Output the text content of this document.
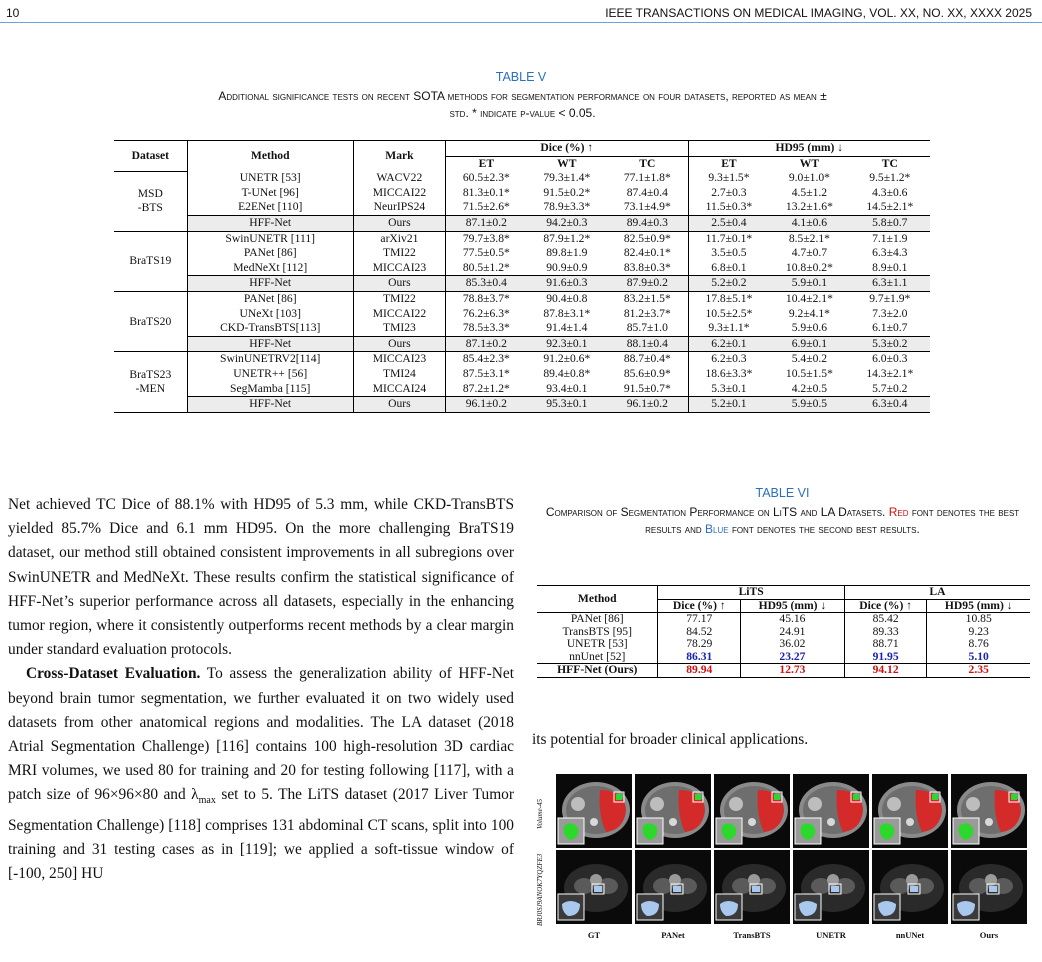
10	IEEE TRANSACTIONS ON MEDICAL IMAGING, VOL. XX, NO. XX, XXXX 2025
TABLE V
Additional significance tests on recent SOTA methods for segmentation performance on four datasets, reported as mean ±
std. * indicate p-value < 0.05.
Dataset	Method	Mark	Dice (%) ↑			HD95 (mm) ↓		
			ET	WT	TC	ET	WT	TC

MSD
-BTS	UNETR [53]	WACV22	60.5±2.3*	79.3±1.4*	77.1±1.8*	9.3±1.5*	9.0±1.0*	9.5±1.2*
	T-UNet [96]	MICCAI22	81.3±0.1*	91.5±0.2*	87.4±0.4	2.7±0.3	4.5±1.2	4.3±0.6
	E2ENet [110]	NeurIPS24	71.5±2.6*	78.9±3.3*	73.1±4.9*	11.5±0.3*	13.2±1.6*	14.5±2.1*
	HFF-Net	Ours	87.1±0.2	94.2±0.3	89.4±0.3	2.5±0.4	4.1±0.6	5.8±0.7

BraTS19	SwinUNETR [111]	arXiv21	79.7±3.8*	87.9±1.2*	82.5±0.9*	11.7±0.1*	8.5±2.1*	7.1±1.9
	PANet [86]	TMI22	77.5±0.5*	89.8±1.9	82.4±0.1*	3.5±0.5	4.7±0.7	6.3±4.3
	MedNeXt [112]	MICCAI23	80.5±1.2*	90.9±0.9	83.8±0.3*	6.8±0.1	10.8±0.2*	8.9±0.1
	HFF-Net	Ours	85.3±0.4	91.6±0.3	87.9±0.2	5.2±0.2	5.9±0.1	6.3±1.1

BraTS20	PANet [86]	TMI22	78.8±3.7*	90.4±0.8	83.2±1.5*	17.8±5.1*	10.4±2.1*	9.7±1.9*
	UNeXt [103]	MICCAI22	76.2±6.3*	87.8±3.1*	81.2±3.7*	10.5±2.5*	9.2±4.1*	7.3±2.0
	CKD-TransBTS[113]	TMI23	78.5±3.3*	91.4±1.4	85.7±1.0	9.3±1.1*	5.9±0.6	6.1±0.7
	HFF-Net	Ours	87.1±0.2	92.3±0.1	88.1±0.4	6.2±0.1	6.9±0.1	5.3±0.2

BraTS23
-MEN	SwinUNETRV2[114]	MICCAI23	85.4±2.3*	91.2±0.6*	88.7±0.4*	6.2±0.3	5.4±0.2	6.0±0.3
	UNETR++ [56]	TMI24	87.5±3.1*	89.4±0.8*	85.6±0.9*	18.6±3.3*	10.5±1.5*	14.3±2.1*
	SegMamba [115]	MICCAI24	87.2±1.2*	93.4±0.1	91.5±0.7*	5.3±0.1	4.2±0.5	5.7±0.2
	HFF-Net	Ours	96.1±0.2	95.3±0.1	96.1±0.2	5.2±0.1	5.9±0.5	6.3±0.4

Net achieved TC Dice of 88.1% with HD95 of 5.3 mm, while CKD-TransBTS yielded 85.7% Dice and 6.1 mm HD95. On the more challenging BraTS19 dataset, our method still obtained consistent improvements in all subregions over SwinUNETR and MedNeXt. These results confirm the statistical significance of HFF-Net’s superior performance across all datasets, especially in the enhancing tumor region, where it consistently outperforms recent methods by a clear margin under standard evaluation protocols.

Cross-Dataset Evaluation. To assess the generalization ability of HFF-Net beyond brain tumor segmentation, we further evaluated it on two widely used datasets from other anatomical regions and modalities. The LA dataset (2018 Atrial Segmentation Challenge) [116] contains 100 high-resolution 3D cardiac MRI volumes, we used 80 for training and 20 for testing following [117], with a patch size of 96×96×80 and $\lambda_{max}$ set to 5. The LiTS dataset (2017 Liver Tumor Segmentation Challenge) [118] comprises 131 abdominal CT scans, split into 100 training and 31 testing cases as in [119]; we applied a soft-tissue window of [-100, 250] HU

TABLE VI
Comparison of Segmentation Performance on LiTS and LA Datasets. Red font denotes the best results and Blue font denotes the second best results.
Method	LiTS		LA	
	Dice (%) ↑	HD95 (mm) ↓	Dice (%) ↑	HD95 (mm) ↓
PANet [86]	77.17	45.16	85.42	10.85
TransBTS [95]	84.52	24.91	89.33	9.23
UNETR [53]	78.29	36.02	88.71	8.76
nnUnet [52]	86.31	23.27	91.95	5.10
HFF-Net (Ours)	89.94	12.73	94.12	2.35
its potential for broader clinical applications.
Volume-45
BRJ0SJ9ANOK7YQZFE3
GT	PANet	TransBTS	UNETR	nnUNet	Ours
